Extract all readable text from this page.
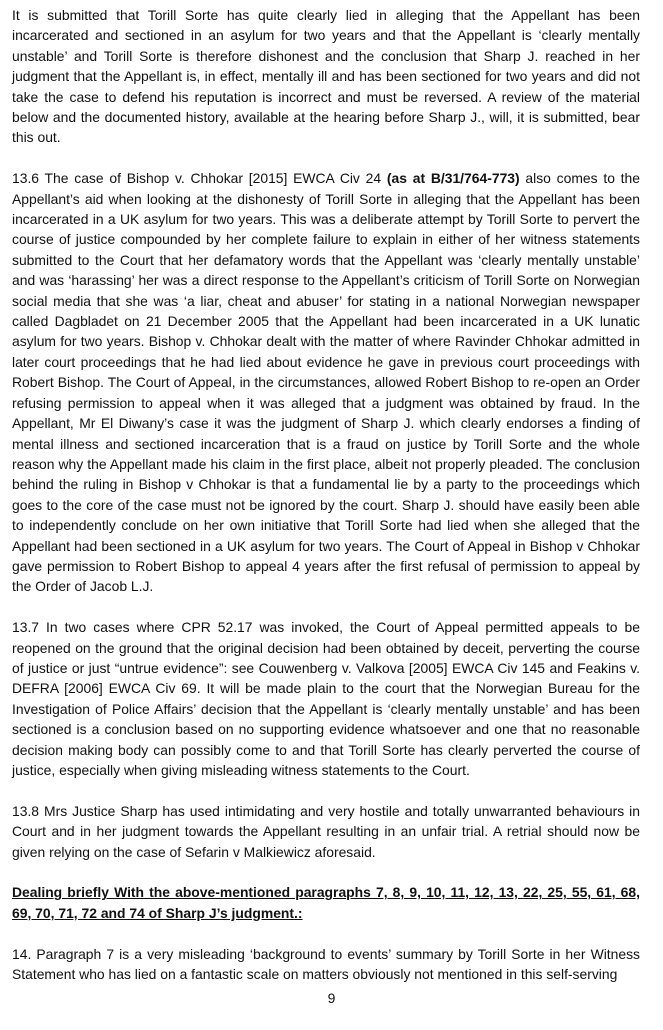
It is submitted that Torill Sorte has quite clearly lied in alleging that the Appellant has been incarcerated and sectioned in an asylum for two years and that the Appellant is ‘clearly mentally unstable’ and Torill Sorte is therefore dishonest and the conclusion that Sharp J. reached in her judgment that the Appellant is, in effect, mentally ill and has been sectioned for two years and did not take the case to defend his reputation is incorrect and must be reversed. A review of the material below and the documented history, available at the hearing before Sharp J., will, it is submitted, bear this out.

13.6 The case of Bishop v. Chhokar [2015] EWCA Civ 24 (as at B/31/764-773) also comes to the Appellant’s aid when looking at the dishonesty of Torill Sorte in alleging that the Appellant has been incarcerated in a UK asylum for two years. This was a deliberate attempt by Torill Sorte to pervert the course of justice compounded by her complete failure to explain in either of her witness statements submitted to the Court that her defamatory words that the Appellant was ‘clearly mentally unstable’ and was ‘harassing’ her was a direct response to the Appellant’s criticism of Torill Sorte on Norwegian social media that she was ‘a liar, cheat and abuser’ for stating in a national Norwegian newspaper called Dagbladet on 21 December 2005 that the Appellant had been incarcerated in a UK lunatic asylum for two years. Bishop v. Chhokar dealt with the matter of where Ravinder Chhokar admitted in later court proceedings that he had lied about evidence he gave in previous court proceedings with Robert Bishop. The Court of Appeal, in the circumstances, allowed Robert Bishop to re-open an Order refusing permission to appeal when it was alleged that a judgment was obtained by fraud. In the Appellant, Mr El Diwany’s case it was the judgment of Sharp J. which clearly endorses a finding of mental illness and sectioned incarceration that is a fraud on justice by Torill Sorte and the whole reason why the Appellant made his claim in the first place, albeit not properly pleaded. The conclusion behind the ruling in Bishop v Chhokar is that a fundamental lie by a party to the proceedings which goes to the core of the case must not be ignored by the court. Sharp J. should have easily been able to independently conclude on her own initiative that Torill Sorte had lied when she alleged that the Appellant had been sectioned in a UK asylum for two years. The Court of Appeal in Bishop v Chhokar gave permission to Robert Bishop to appeal 4 years after the first refusal of permission to appeal by the Order of Jacob L.J.

13.7 In two cases where CPR 52.17 was invoked, the Court of Appeal permitted appeals to be reopened on the ground that the original decision had been obtained by deceit, perverting the course of justice or just “untrue evidence”: see Couwenberg v. Valkova [2005] EWCA Civ 145 and Feakins v. DEFRA [2006] EWCA Civ 69. It will be made plain to the court that the Norwegian Bureau for the Investigation of Police Affairs’ decision that the Appellant is ‘clearly mentally unstable’ and has been sectioned is a conclusion based on no supporting evidence whatsoever and one that no reasonable decision making body can possibly come to and that Torill Sorte has clearly perverted the course of justice, especially when giving misleading witness statements to the Court.

13.8 Mrs Justice Sharp has used intimidating and very hostile and totally unwarranted behaviours in Court and in her judgment towards the Appellant resulting in an unfair trial. A retrial should now be given relying on the case of Sefarin v Malkiewicz aforesaid.

Dealing briefly With the above-mentioned paragraphs 7, 8, 9, 10, 11, 12, 13, 22, 25, 55, 61, 68, 69, 70, 71, 72 and 74 of Sharp J’s judgment.:

14. Paragraph 7 is a very misleading ‘background to events’ summary by Torill Sorte in her Witness Statement who has lied on a fantastic scale on matters obviously not mentioned in this self-serving

9
